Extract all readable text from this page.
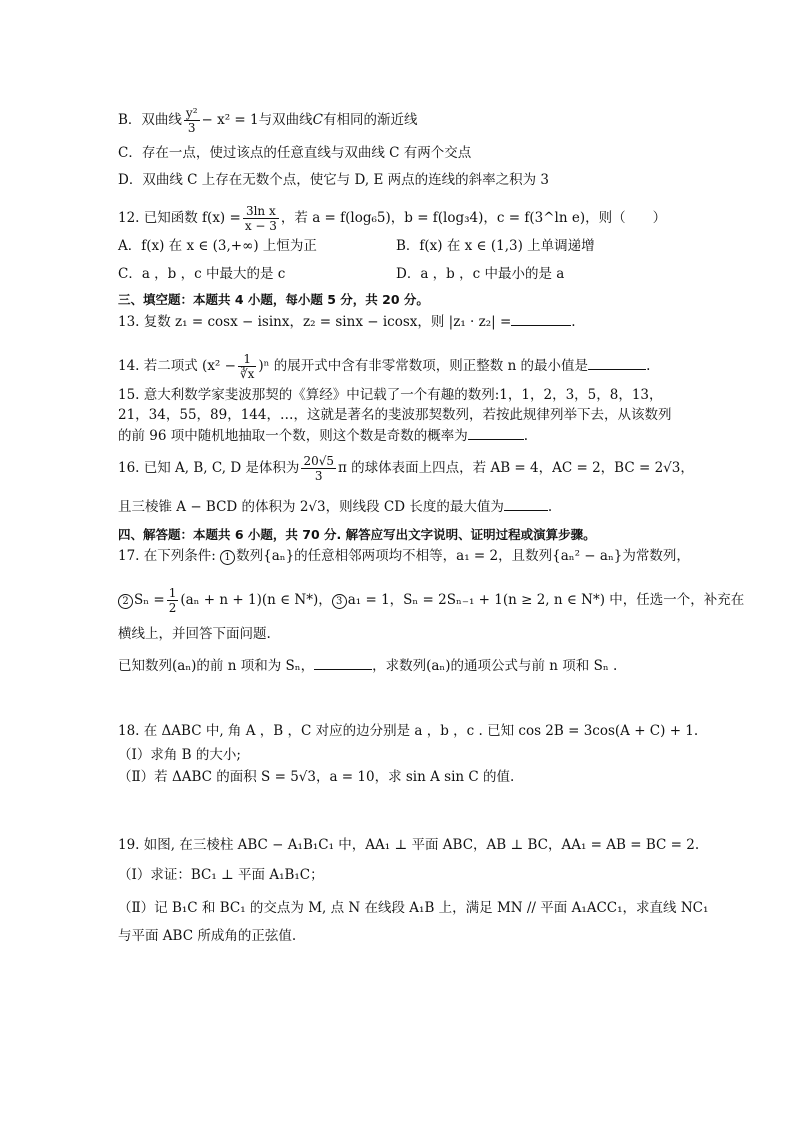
B．双曲线 $\frac{\text{y²}}{3} - x^2 = 1$与双曲线C有相同的渐近线
C．存在一点，使过该点的任意直线与双曲线 C 有两个交点
D．双曲线 C 上存在无数个点，使它与 D, E 两点的连线的斜率之积为 3
12. 已知函数 $f(x) = \frac{\text{3ln x}}{x - 3}$ ，若 a = f(log₆5)，b = f(log₃4)，c = f(3^ln e)，则（　　）
A．f(x) 在 x ∈ (3,+∞) 上恒为正	B．f(x) 在 x ∈ (1,3) 上单调递增
C．a ，b ，c 中最大的是 c	D．a ，b ，c 中最小的是 a
三、填空题：本题共 4 小题，每小题 5 分，共 20 分。
13. 复数 z₁ = cosx − isinx，z₂ = sinx − icosx，则 |z₁ · z₂| =	.
14. 若二项式 $(x^2 - \frac{1}{∛x} )^n$ 的展开式中含有非零常数项，则正整数 n 的最小值是	.
15. 意大利数学家斐波那契的《算经》中记载了一个有趣的数列:1，1，2，3，5，8，13，
21，34，55，89，144，…，这就是著名的斐波那契数列，若按此规律列举下去，从该数列
的前 96 项中随机地抽取一个数，则这个数是奇数的概率为	.
16. 已知 A, B, C, D 是体积为 $\frac{20√5}{3}$ π 的球体表面上四点，若 AB = 4，AC = 2，BC = 2√3，
且三棱锥 A − BCD 的体积为 2√3，则线段 CD 长度的最大值为	.
四、解答题：本题共 6 小题，共 70 分. 解答应写出文字说明、证明过程或演算步骤。
17. 在下列条件: 1 数列{aₙ}的任意相邻两项均不相等，a₁ = 2，且数列{aₙ² − aₙ}为常数列，
2 $S_n = \frac{1}{2} (a_n + n + 1)(n$ ∈ N*)， 3 a₁ = 1，Sₙ = 2Sₙ₋₁ + 1(n ≥ 2, n ∈ N*) 中，任选一个，补充在
横线上，并回答下面问题.
已知数列(aₙ)的前 n 项和为 Sₙ，	，求数列(aₙ)的通项公式与前 n 项和 Sₙ .
18. 在 ΔABC 中, 角 A ，B ，C 对应的边分别是 a ，b ，c . 已知 cos 2B = 3cos(A + C) + 1.
（Ⅰ）求角 B 的大小;
（Ⅱ）若 ΔABC 的面积 S = 5√3，a = 10，求 sin A sin C 的值.
19. 如图, 在三棱柱 ABC − A₁B₁C₁ 中，AA₁ ⊥ 平面 ABC，AB ⊥ BC，AA₁ = AB = BC = 2.
（Ⅰ）求证：BC₁ ⊥ 平面 A₁B₁C；
（Ⅱ）记 B₁C 和 BC₁ 的交点为 M, 点 N 在线段 A₁B 上，满足 MN // 平面 A₁ACC₁，求直线 NC₁
与平面 ABC 所成角的正弦值.
